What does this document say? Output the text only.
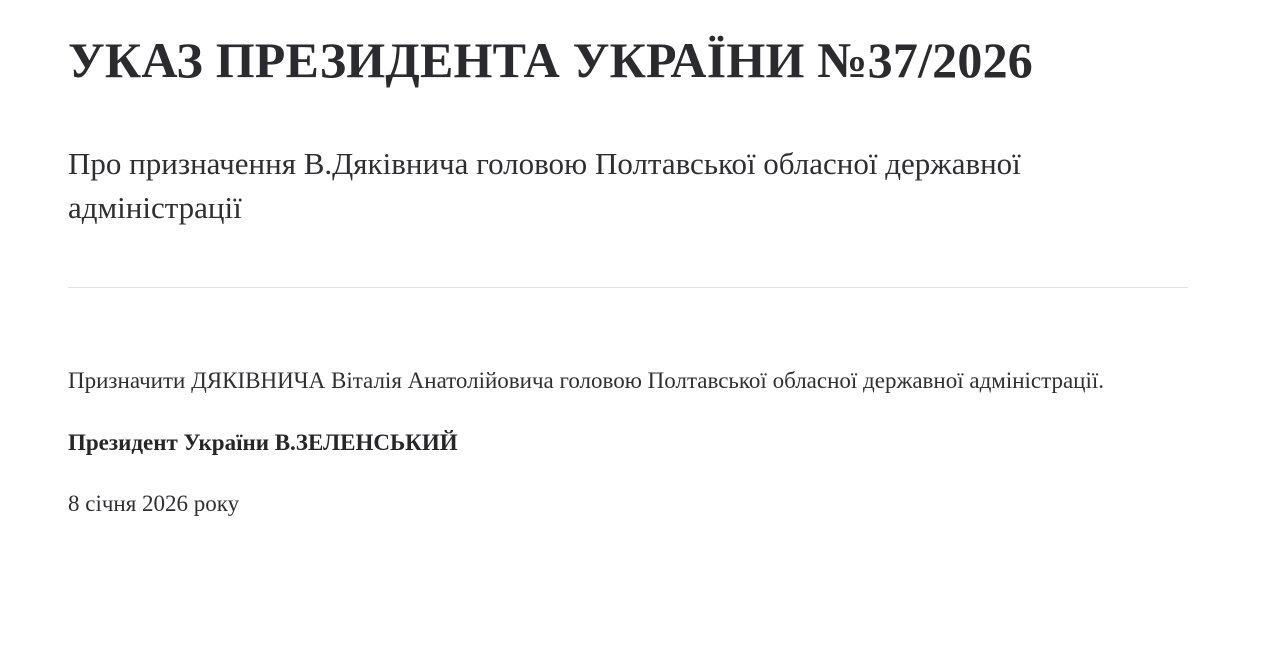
УКАЗ ПРЕЗИДЕНТА УКРАЇНИ №37/2026
Про призначення В.Дяківнича головою Полтавської обласної державної адміністрації

Призначити ДЯКІВНИЧА Віталія Анатолійовича головою Полтавської обласної державної адміністрації.

Президент України В.ЗЕЛЕНСЬКИЙ

8 січня 2026 року
